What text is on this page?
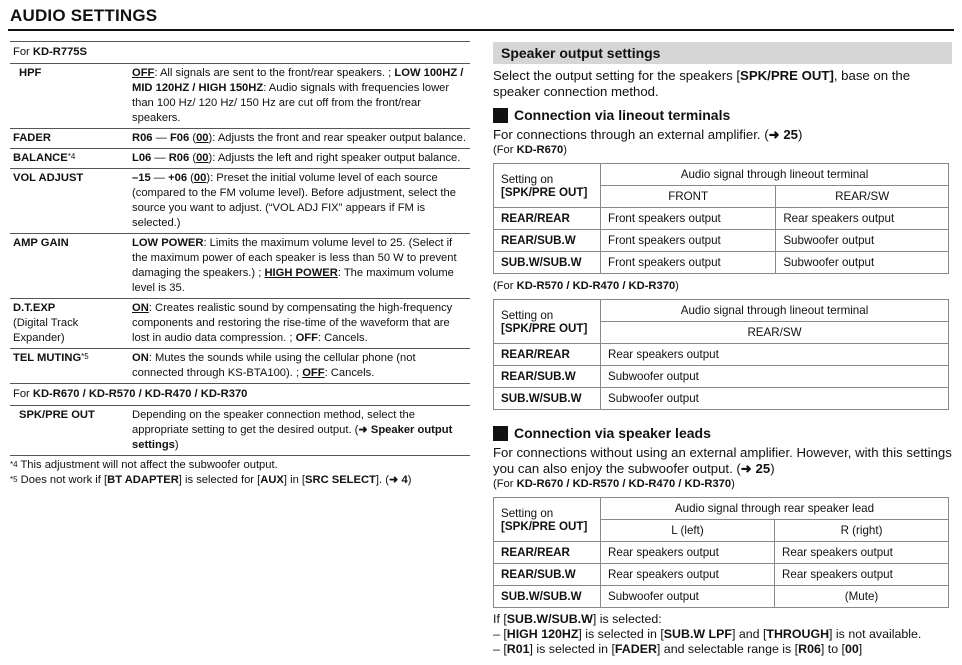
AUDIO SETTINGS
For KD-R775S	
HPF	OFF: All signals are sent to the front/rear speakers. ; LOW 100HZ / MID 120HZ / HIGH 150HZ: Audio signals with frequencies lower than 100 Hz/ 120 Hz/ 150 Hz are cut off from the front/rear speakers.
FADER	R06 — F06 (00): Adjusts the front and rear speaker output balance.
BALANCE$^{*4}$	L06 — R06 (00): Adjusts the left and right speaker output balance.
VOL ADJUST	–15 — +06 (00): Preset the initial volume level of each source (compared to the FM volume level). Before adjustment, select the source you want to adjust. (“VOL ADJ FIX” appears if FM is selected.)
AMP GAIN	LOW POWER: Limits the maximum volume level to 25. (Select if the maximum power of each speaker is less than 50 W to prevent damaging the speakers.) ; HIGH POWER: The maximum volume level is 35.

D.T.EXP
(Digital Track Expander)	ON: Creates realistic sound by compensating the high-frequency components and restoring the rise-time of the waveform that are lost in audio data compression. ; OFF: Cancels.
TEL MUTING$^{*5}$	ON: Mutes the sounds while using the cellular phone (not connected through KS-BTA100). ; OFF: Cancels.
For KD-R670 / KD-R570 / KD-R470 / KD-R370	
SPK/PRE OUT	Depending on the speaker connection method, select the appropriate setting to get the desired output. (➜ Speaker output settings)
$^{*4}$ This adjustment will not affect the subwoofer output.
$^{*5}$ Does not work if [BT ADAPTER] is selected for [AUX] in [SRC SELECT]. (➜ 4)
Speaker output settings
Select the output setting for the speakers [SPK/PRE OUT], base on the speaker connection method.
Connection via lineout terminals
For connections through an external amplifier. (➜ 25)
(For KD-R670)
Setting on
[SPK/PRE OUT]	Audio signal through lineout terminal	
	FRONT	REAR/SW
REAR/REAR	Front speakers output	Rear speakers output
REAR/SUB.W	Front speakers output	Subwoofer output
SUB.W/SUB.W	Front speakers output	Subwoofer output
(For KD-R570 / KD-R470 / KD-R370)
Setting on
[SPK/PRE OUT]	Audio signal through lineout terminal
	REAR/SW
REAR/REAR	Rear speakers output
REAR/SUB.W	Subwoofer output
SUB.W/SUB.W	Subwoofer output
Connection via speaker leads
For connections without using an external amplifier. However, with this settings you can also enjoy the subwoofer output. (➜ 25)
(For KD-R670 / KD-R570 / KD-R470 / KD-R370)
Setting on
[SPK/PRE OUT]	Audio signal through rear speaker lead	
	L (left)	R (right)
REAR/REAR	Rear speakers output	Rear speakers output
REAR/SUB.W	Rear speakers output	Rear speakers output
SUB.W/SUB.W	Subwoofer output	(Mute)
If [SUB.W/SUB.W] is selected:
– [HIGH 120HZ] is selected in [SUB.W LPF] and [THROUGH] is not available.
– [R01] is selected in [FADER] and selectable range is [R06] to [00]
